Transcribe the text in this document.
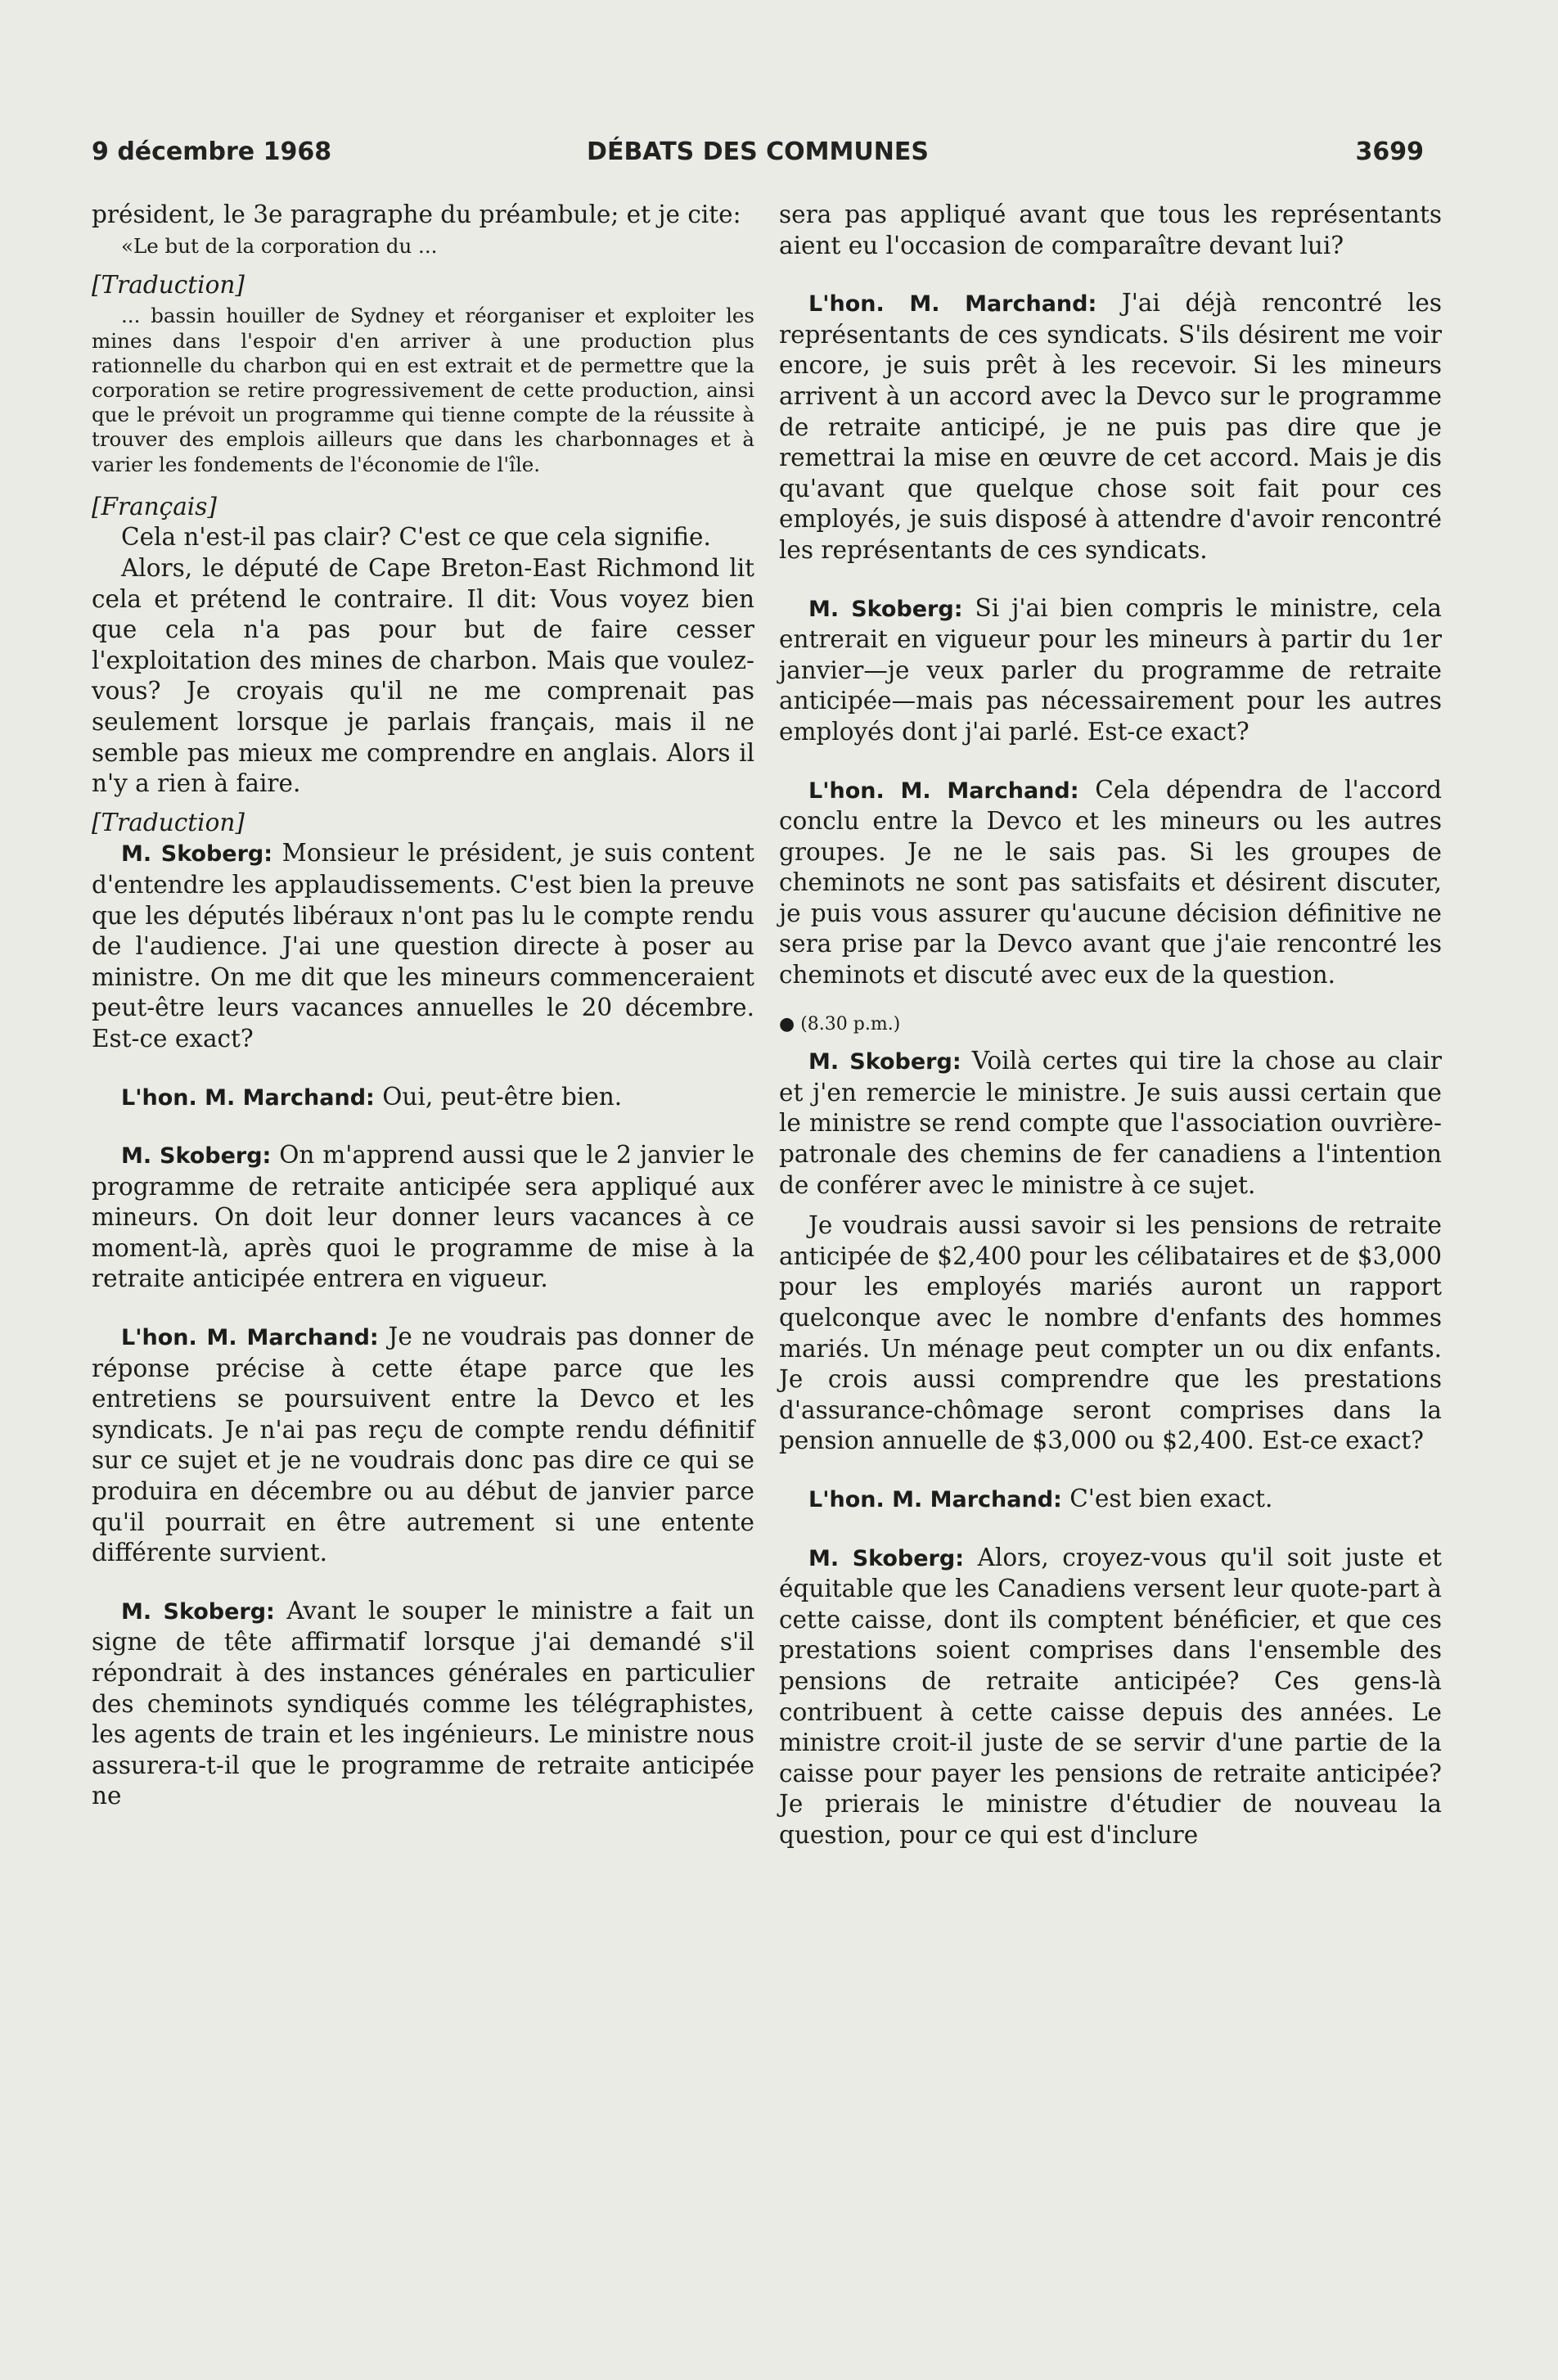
9 décembre 1968	DÉBATS DES COMMUNES	3699

président, le 3e paragraphe du préambule; et je cite:

«Le but de la corporation du ...

[Traduction]

... bassin houiller de Sydney et réorganiser et exploiter les mines dans l'espoir d'en arriver à une production plus rationnelle du charbon qui en est extrait et de permettre que la corporation se retire progressivement de cette production, ainsi que le prévoit un programme qui tienne compte de la réussite à trouver des emplois ailleurs que dans les charbonnages et à varier les fondements de l'économie de l'île.

[Français]

Cela n'est-il pas clair? C'est ce que cela signifie.

Alors, le député de Cape Breton-East Richmond lit cela et prétend le contraire. Il dit: Vous voyez bien que cela n'a pas pour but de faire cesser l'exploitation des mines de charbon. Mais que voulez-vous? Je croyais qu'il ne me comprenait pas seulement lorsque je parlais français, mais il ne semble pas mieux me comprendre en anglais. Alors il n'y a rien à faire.

[Traduction]

M. Skoberg: Monsieur le président, je suis content d'entendre les applaudissements. C'est bien la preuve que les députés libéraux n'ont pas lu le compte rendu de l'audience. J'ai une question directe à poser au ministre. On me dit que les mineurs commenceraient peut-être leurs vacances annuelles le 20 décembre. Est-ce exact?

L'hon. M. Marchand: Oui, peut-être bien.

M. Skoberg: On m'apprend aussi que le 2 janvier le programme de retraite anticipée sera appliqué aux mineurs. On doit leur donner leurs vacances à ce moment-là, après quoi le programme de mise à la retraite anticipée entrera en vigueur.

L'hon. M. Marchand: Je ne voudrais pas donner de réponse précise à cette étape parce que les entretiens se poursuivent entre la Devco et les syndicats. Je n'ai pas reçu de compte rendu définitif sur ce sujet et je ne voudrais donc pas dire ce qui se produira en décembre ou au début de janvier parce qu'il pourrait en être autrement si une entente différente survient.

M. Skoberg: Avant le souper le ministre a fait un signe de tête affirmatif lorsque j'ai demandé s'il répondrait à des instances générales en particulier des cheminots syndiqués comme les télégraphistes, les agents de train et les ingénieurs. Le ministre nous assurera-t-il que le programme de retraite anticipée ne

sera pas appliqué avant que tous les représentants aient eu l'occasion de comparaître devant lui?

L'hon. M. Marchand: J'ai déjà rencontré les représentants de ces syndicats. S'ils désirent me voir encore, je suis prêt à les recevoir. Si les mineurs arrivent à un accord avec la Devco sur le programme de retraite anticipé, je ne puis pas dire que je remettrai la mise en œuvre de cet accord. Mais je dis qu'avant que quelque chose soit fait pour ces employés, je suis disposé à attendre d'avoir rencontré les représentants de ces syndicats.

M. Skoberg: Si j'ai bien compris le ministre, cela entrerait en vigueur pour les mineurs à partir du 1er janvier—je veux parler du programme de retraite anticipée—mais pas nécessairement pour les autres employés dont j'ai parlé. Est-ce exact?

L'hon. M. Marchand: Cela dépendra de l'accord conclu entre la Devco et les mineurs ou les autres groupes. Je ne le sais pas. Si les groupes de cheminots ne sont pas satisfaits et désirent discuter, je puis vous assurer qu'aucune décision définitive ne sera prise par la Devco avant que j'aie rencontré les cheminots et discuté avec eux de la question.

● (8.30 p.m.)

M. Skoberg: Voilà certes qui tire la chose au clair et j'en remercie le ministre. Je suis aussi certain que le ministre se rend compte que l'association ouvrière-patronale des chemins de fer canadiens a l'intention de conférer avec le ministre à ce sujet.

Je voudrais aussi savoir si les pensions de retraite anticipée de $2,400 pour les célibataires et de $3,000 pour les employés mariés auront un rapport quelconque avec le nombre d'enfants des hommes mariés. Un ménage peut compter un ou dix enfants. Je crois aussi comprendre que les prestations d'assurance-chômage seront comprises dans la pension annuelle de $3,000 ou $2,400. Est-ce exact?

L'hon. M. Marchand: C'est bien exact.

M. Skoberg: Alors, croyez-vous qu'il soit juste et équitable que les Canadiens versent leur quote-part à cette caisse, dont ils comptent bénéficier, et que ces prestations soient comprises dans l'ensemble des pensions de retraite anticipée? Ces gens-là contribuent à cette caisse depuis des années. Le ministre croit-il juste de se servir d'une partie de la caisse pour payer les pensions de retraite anticipée? Je prierais le ministre d'étudier de nouveau la question, pour ce qui est d'inclure
